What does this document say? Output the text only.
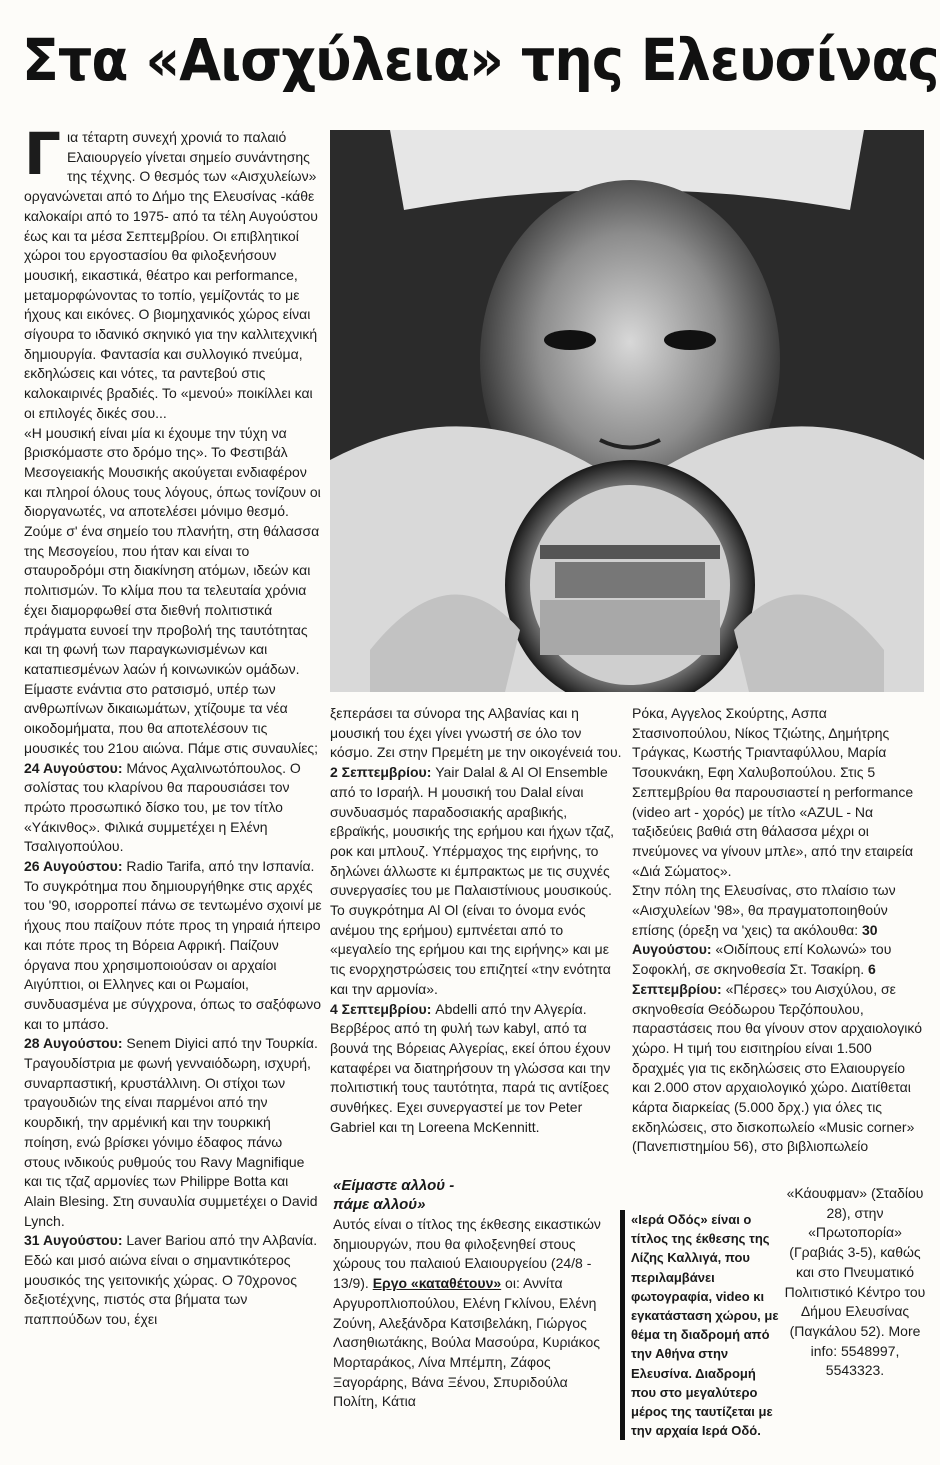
Στα «Αισχύλεια» της Ελευσίνας
Γ ια τέταρτη συνεχή χρονιά το παλαιό Ελαιουργείο γίνεται σημείο συνάντησης της τέχνης. Ο θεσμός των «Αισχυλείων» οργανώνεται από το Δήμο της Ελευσίνας -κάθε καλοκαίρι από το 1975- από τα τέλη Αυγούστου έως και τα μέσα Σεπτεμβρίου. Οι επιβλητικοί χώροι του εργοστασίου θα φιλοξενήσουν μουσική, εικαστικά, θέατρο και performance, μεταμορφώνοντας το τοπίο, γεμίζοντάς το με ήχους και εικόνες. Ο βιομηχανικός χώρος είναι σίγουρα το ιδανικό σκηνικό για την καλλιτεχνική δημιουργία. Φαντασία και συλλογικό πνεύμα, εκδηλώσεις και νότες, τα ραντεβού στις καλοκαιρινές βραδιές. Το «μενού» ποικίλλει και οι επιλογές δικές σου...

«Η μουσική είναι μία κι έχουμε την τύχη να βρισκόμαστε στο δρόμο της». Το Φεστιβάλ Μεσογειακής Μουσικής ακούγεται ενδιαφέρον και πληροί όλους τους λόγους, όπως τονίζουν οι διοργανωτές, να αποτελέσει μόνιμο θεσμό. Ζούμε σ' ένα σημείο του πλανήτη, στη θάλασσα της Μεσογείου, που ήταν και είναι το σταυροδρόμι στη διακίνηση ατόμων, ιδεών και πολιτισμών. Το κλίμα που τα τελευταία χρόνια έχει διαμορφωθεί στα διεθνή πολιτιστικά πράγματα ευνοεί την προβολή της ταυτότητας και τη φωνή των παραγκωνισμένων και καταπιεσμένων λαών ή κοινωνικών ομάδων. Είμαστε ενάντια στο ρατσισμό, υπέρ των ανθρωπίνων δικαιωμάτων, χτίζουμε τα νέα οικοδομήματα, που θα αποτελέσουν τις μουσικές του 21ου αιώνα. Πάμε στις συναυλίες;

24 Αυγούστου: Μάνος Αχαλινωτόπουλος. Ο σολίστας του κλαρίνου θα παρουσιάσει τον πρώτο προσωπικό δίσκο του, με τον τίτλο «Υάκινθος». Φιλικά συμμετέχει η Ελένη Τσαλιγοπούλου.

26 Αυγούστου: Radio Tarifa, από την Ισπανία. Το συγκρότημα που δημιουργήθηκε στις αρχές του '90, ισορροπεί πάνω σε τεντωμένο σχοινί με ήχους που παίζουν πότε προς τη γηραιά ήπειρο και πότε προς τη Βόρεια Αφρική. Παίζουν όργανα που χρησιμοποιούσαν οι αρχαίοι Αιγύπτιοι, οι Ελληνες και οι Ρωμαίοι, συνδυασμένα με σύγχρονα, όπως το σαξόφωνο και το μπάσο.

28 Αυγούστου: Senem Diyici από την Τουρκία. Τραγουδίστρια με φωνή γενναιόδωρη, ισχυρή, συναρπαστική, κρυστάλλινη. Οι στίχοι των τραγουδιών της είναι παρμένοι από την κουρδική, την αρμένική και την τουρκική ποίηση, ενώ βρίσκει γόνιμο έδαφος πάνω στους ινδικούς ρυθμούς του Ravy Magnifique και τις τζαζ αρμονίες των Philippe Botta και Alain Blesing. Στη συναυλία συμμετέχει ο David Lynch.

31 Αυγούστου: Laver Bariou από την Αλβανία. Εδώ και μισό αιώνα είναι ο σημαντικότερος μουσικός της γειτονικής χώρας. Ο 70χρονος δεξιοτέχνης, πιστός στα βήματα των παππούδων του, έχει

ξεπεράσει τα σύνορα της Αλβανίας και η μουσική του έχει γίνει γνωστή σε όλο τον κόσμο. Ζει στην Πρεμέτη με την οικογένειά του. 2 Σεπτεμβρίου: Yair Dalal & Al Ol Ensemble από το Ισραήλ. Η μουσική του Dalal είναι συνδυασμός παραδοσιακής αραβικής, εβραϊκής, μουσικής της ερήμου και ήχων τζαζ, ροκ και μπλουζ. Υπέρμαχος της ειρήνης, το δηλώνει άλλωστε κι έμπρακτως με τις συχνές συνεργασίες του με Παλαιστίνιους μουσικούς. Το συγκρότημα Al Ol (είναι το όνομα ενός ανέμου της ερήμου) εμπνέεται από το «μεγαλείο της ερήμου και της ειρήνης» και με τις ενορχηστρώσεις του επιζητεί «την ενότητα και την αρμονία».

4 Σεπτεμβρίου: Abdelli από την Αλγερία. Βερβέρος από τη φυλή των kabyl, από τα βουνά της Βόρειας Αλγερίας, εκεί όπου έχουν καταφέρει να διατηρήσουν τη γλώσσα και την πολιτιστική τους ταυτότητα, παρά τις αντίξοες συνθήκες. Εχει συνεργαστεί με τον Peter Gabriel και τη Loreena McKennitt.

«Είμαστε αλλού - πάμε αλλού»

Αυτός είναι ο τίτλος της έκθεσης εικαστικών δημιουργών, που θα φιλοξενηθεί στους χώρους του παλαιού Ελαιουργείου (24/8 - 13/9). Εργο «καταθέτουν» οι: Αννίτα Αργυροπλιοπούλου, Ελένη Γκλίνου, Ελένη Ζούνη, Αλεξάνδρα Κατσιβελάκη, Γιώργος Λασηθιωτάκης, Βούλα Μασούρα, Κυριάκος Μορταράκος, Λίνα Μπέμπη, Ζάφος Ξαγοράρης, Βάνα Ξένου, Σπυριδούλα Πολίτη, Κάτια

Ρόκα, Αγγελος Σκούρτης, Ασπα Στασινοπούλου, Νίκος Τζιώτης, Δημήτρης Τράγκας, Κωστής Τριανταφύλλου, Μαρία Τσουκνάκη, Εφη Χαλυβοπούλου. Στις 5 Σεπτεμβρίου θα παρουσιαστεί η performance (video art - χορός) με τίτλο «AZUL - Να ταξιδεύεις βαθιά στη θάλασσα μέχρι οι πνεύμονες να γίνουν μπλε», από την εταιρεία «Διά Σώματος».

Στην πόλη της Ελευσίνας, στο πλαίσιο των «Αισχυλείων '98», θα πραγματοποιηθούν επίσης (όρεξη να 'χεις) τα ακόλουθα: 30 Αυγούστου: «Οιδίπους επί Κολωνώ» του Σοφοκλή, σε σκηνοθεσία Στ. Τσακίρη. 6 Σεπτεμβρίου: «Πέρσες» του Αισχύλου, σε σκηνοθεσία Θεόδωρου Τερζόπουλου, παραστάσεις που θα γίνουν στον αρχαιολογικό χώρο. Η τιμή του εισιτηρίου είναι 1.500 δραχμές για τις εκδηλώσεις στο Ελαιουργείο και 2.000 στον αρχαιολογικό χώρο. Διατίθεται κάρτα διαρκείας (5.000 δρχ.) για όλες τις εκδηλώσεις, στο δισκοπωλείο «Music corner» (Πανεπιστημίου 56), στο βιβλιοπωλείο

«Ιερά Οδός» είναι ο τίτλος της έκθεσης της Λίζης Καλλιγά, που περιλαμβάνει φωτογραφία, video κι εγκατάσταση χώρου, με θέμα τη διαδρομή από την Αθήνα στην Ελευσίνα. Διαδρομή που στο μεγαλύτερο μέρος της ταυτίζεται με την αρχαία Ιερά Οδό.

«Κάουφμαν» (Σταδίου 28), στην «Πρωτοπορία» (Γραβιάς 3-5), καθώς και στο Πνευματικό Πολιτιστικό Κέντρο του Δήμου Ελευσίνας (Παγκάλου 52). More info: 5548997, 5543323.
